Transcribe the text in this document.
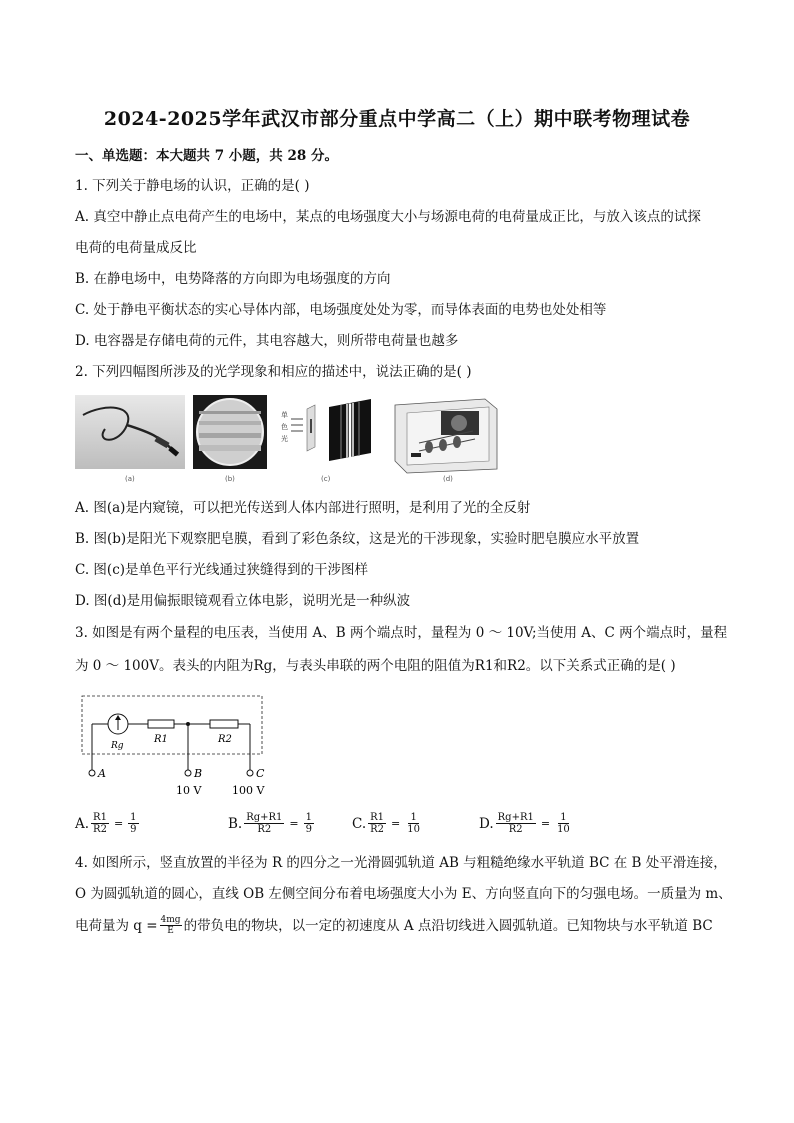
2024-2025学年武汉市部分重点中学高二（上）期中联考物理试卷
一、单选题：本大题共 7 小题，共 28 分。
1. 下列关于静电场的认识，正确的是( )
A. 真空中静止点电荷产生的电场中，某点的电场强度大小与场源电荷的电荷量成正比，与放入该点的试探
电荷的电荷量成反比
B. 在静电场中，电势降落的方向即为电场强度的方向
C. 处于静电平衡状态的实心导体内部，电场强度处处为零，而导体表面的电势也处处相等
D. 电容器是存储电荷的元件，其电容越大，则所带电荷量也越多
2. 下列四幅图所涉及的光学现象和相应的描述中，说法正确的是( )
(a)	(b)
单
色
光
(c)	(d)
A. 图(a)是内窥镜，可以把光传送到人体内部进行照明，是利用了光的全反射
B. 图(b)是阳光下观察肥皂膜，看到了彩色条纹，这是光的干涉现象，实验时肥皂膜应水平放置
C. 图(c)是单色平行光线通过狭缝得到的干涉图样
D. 图(d)是用偏振眼镜观看立体电影，说明光是一种纵波
3. 如图是有两个量程的电压表，当使用 A、B 两个端点时，量程为 0 ～ 10V;当使用 A、C 两个端点时，量程
为 0 ～ 100V。表头的内阻为Rg，与表头串联的两个电阻的阻值为R1和R2。以下关系式正确的是( )
Rg
R1	R2
A	B	C
10 V	100 V
A. $\frac{R1}{R2} = \frac{1}{9}$	B. $\frac{Rg+R1}{R2} = \frac{1}{9}$	C. $\frac{R1}{R2} = \frac{1}{10}$	D. $\frac{Rg+R1}{R2} = \frac{1}{10}$
4. 如图所示，竖直放置的半径为 R 的四分之一光滑圆弧轨道 AB 与粗糙绝缘水平轨道 BC 在 B 处平滑连接，
O 为圆弧轨道的圆心，直线 OB 左侧空间分布着电场强度大小为 E、方向竖直向下的匀强电场。一质量为 m、
电荷量为 $q = \frac{4mg}{E}$ 的带负电的物块，以一定的初速度从 A 点沿切线进入圆弧轨道。已知物块与水平轨道 BC
